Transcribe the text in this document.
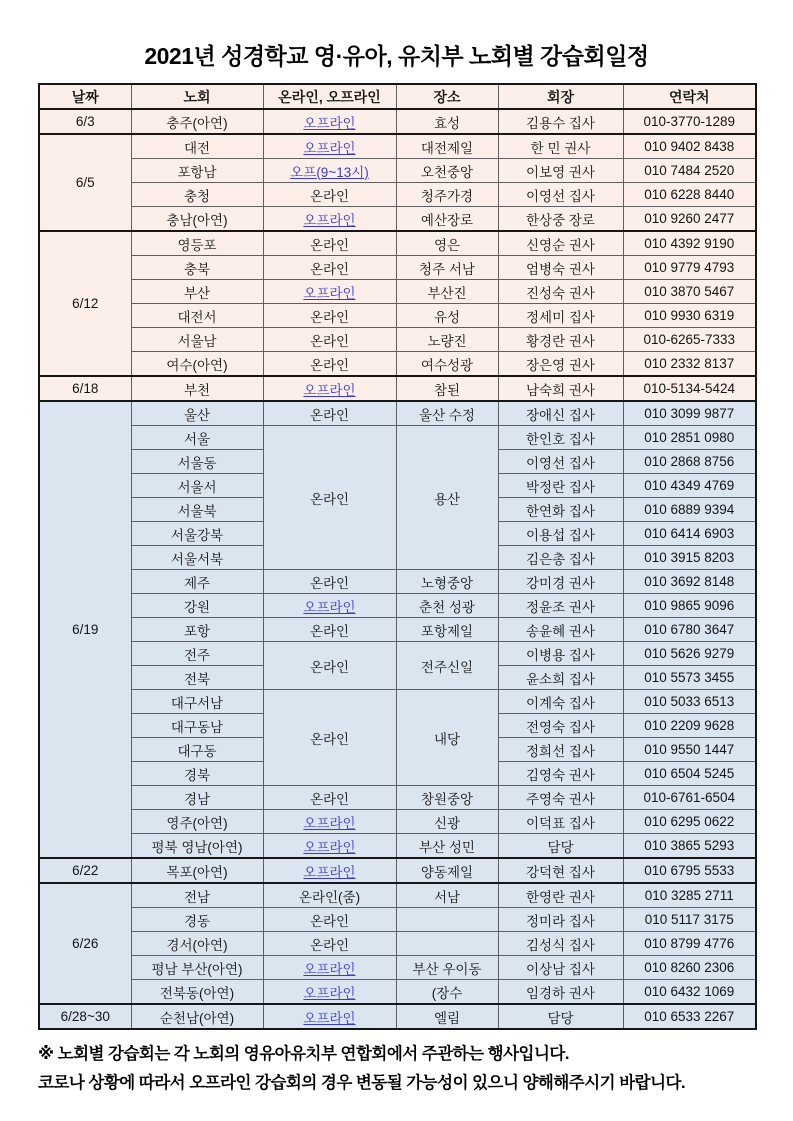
2021년 성경학교 영·유아, 유치부 노회별 강습회일정
날짜	노회	온라인, 오프라인	장소	회장	연락처
6/3	충주(아연)	오프라인	효성	김용수 집사	010-3770-1289
6/5	대전	오프라인	대전제일	한 민 권사	010 9402 8438
	포항남	오프(9~13시)	오천중앙	이보영 권사	010 7484 2520
	충청	온라인	청주가경	이영선 집사	010 6228 8440
	충남(아연)	오프라인	예산장로	한상중 장로	010 9260 2477
6/12	영등포	온라인	영은	신영순 권사	010 4392 9190
	충북	온라인	청주 서남	엄병숙 권사	010 9779 4793
	부산	오프라인	부산진	진성숙 권사	010 3870 5467
	대전서	온라인	유성	정세미 집사	010 9930 6319
	서울남	온라인	노량진	황경란 권사	010-6265-7333
	여수(아연)	온라인	여수성광	장은영 권사	010 2332 8137
6/18	부천	오프라인	참된	남숙희 권사	010-5134-5424
6/19	울산	온라인	울산 수정	장애신 집사	010 3099 9877
	서울	온라인	용산	한인호 집사	010 2851 0980
	서울동			이영선 집사	010 2868 8756
	서울서			박정란 집사	010 4349 4769
	서울북			한연화 집사	010 6889 9394
	서울강북			이용섭 집사	010 6414 6903
	서울서북			김은총 집사	010 3915 8203
	제주	온라인	노형중앙	강미경 권사	010 3692 8148
	강원	오프라인	춘천 성광	정윤조 권사	010 9865 9096
	포항	온라인	포항제일	송윤혜 권사	010 6780 3647
	전주	온라인	전주신일	이병용 집사	010 5626 9279
	전북			윤소희 집사	010 5573 3455
	대구서남	온라인	내당	이계숙 집사	010 5033 6513
	대구동남			전영숙 집사	010 2209 9628
	대구동			정희선 집사	010 9550 1447
	경북			김영숙 권사	010 6504 5245
	경남	온라인	창원중앙	주영숙 권사	010-6761-6504
	영주(아연)	오프라인	신광	이덕표 집사	010 6295 0622
	평북 영남(아연)	오프라인	부산 성민	담당	010 3865 5293
6/22	목포(아연)	오프라인	양동제일	강덕현 집사	010 6795 5533
6/26	전남	온라인(줌)	서남	한영란 권사	010 3285 2711
	경동	온라인		정미라 집사	010 5117 3175
	경서(아연)	온라인		김성식 집사	010 8799 4776
	평남 부산(아연)	오프라인	부산 우이동	이상남 집사	010 8260 2306
	전북동(아연)	오프라인	(장수	임경하 권사	010 6432 1069
6/28~30	순천남(아연)	오프라인	엘림	담당	010 6533 2267
※ 노회별 강습회는 각 노회의 영유아유치부 연합회에서 주관하는 행사입니다.
코로나 상황에 따라서 오프라인 강습회의 경우 변동될 가능성이 있으니 양해해주시기 바랍니다.
